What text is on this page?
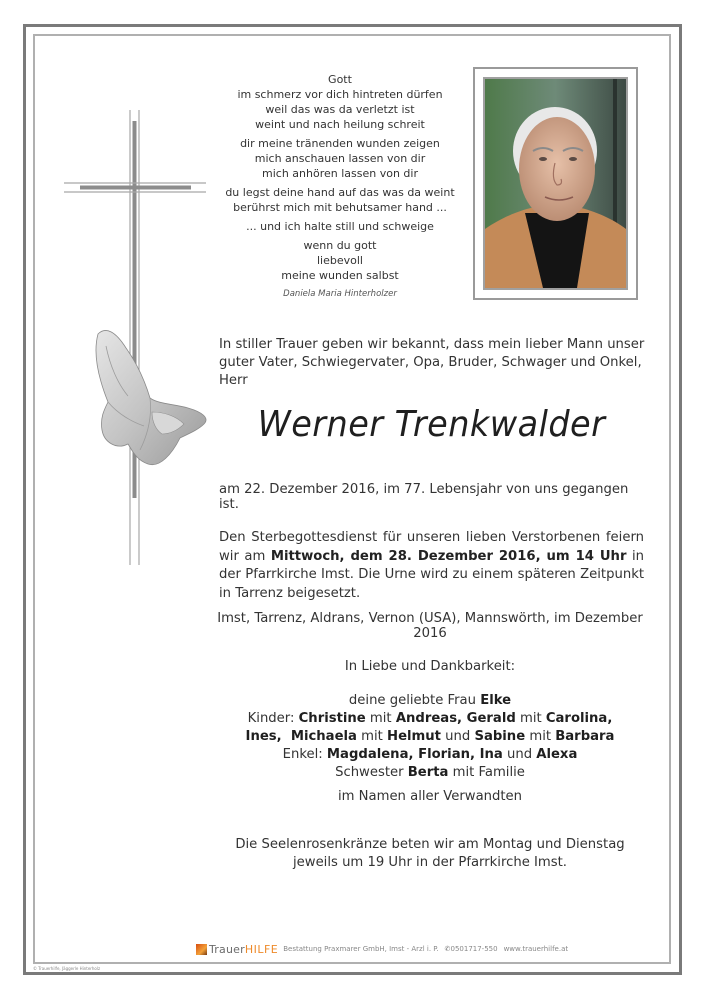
Gott
im schmerz vor dich hintreten dürfen
weil das was da verletzt ist
weint und nach heilung schreit
dir meine tränenden wunden zeigen
mich anschauen lassen von dir
mich anhören lassen von dir
du legst deine hand auf das was da weint
berührst mich mit behutsamer hand ...
... und ich halte still und schweige
wenn du gott
liebevoll
meine wunden salbst
Daniela Maria Hinterholzer
In stiller Trauer geben wir bekannt, dass mein lieber Mann unser guter Vater, Schwiegervater, Opa, Bruder, Schwager und Onkel, Herr
Werner Trenkwalder
am 22. Dezember 2016, im 77. Lebensjahr von uns gegangen ist.
Den Sterbegottesdienst für unseren lieben Verstorbenen feiern wir am Mittwoch, dem 28. Dezember 2016, um 14 Uhr in der Pfarrkirche Imst. Die Urne wird zu einem späteren Zeitpunkt in Tarrenz beigesetzt.
Imst, Tarrenz, Aldrans, Vernon (USA), Mannswörth, im Dezember 2016
In Liebe und Dankbarkeit:
deine geliebte Frau Elke
Kinder: Christine mit Andreas, Gerald mit Carolina,
Ines,  Michaela mit Helmut und Sabine mit Barbara
Enkel: Magdalena, Florian, Ina und Alexa
Schwester Berta mit Familie
im Namen aller Verwandten
Die Seelenrosenkränze beten wir am Montag und Dienstag
jeweils um 19 Uhr in der Pfarrkirche Imst.
Trauer HILFE Bestattung Praxmarer GmbH, Imst - Arzl i. P. ✆0501717-550 www.trauerhilfe.at
© Trauerhilfe, Jäggerle Hinterholz
